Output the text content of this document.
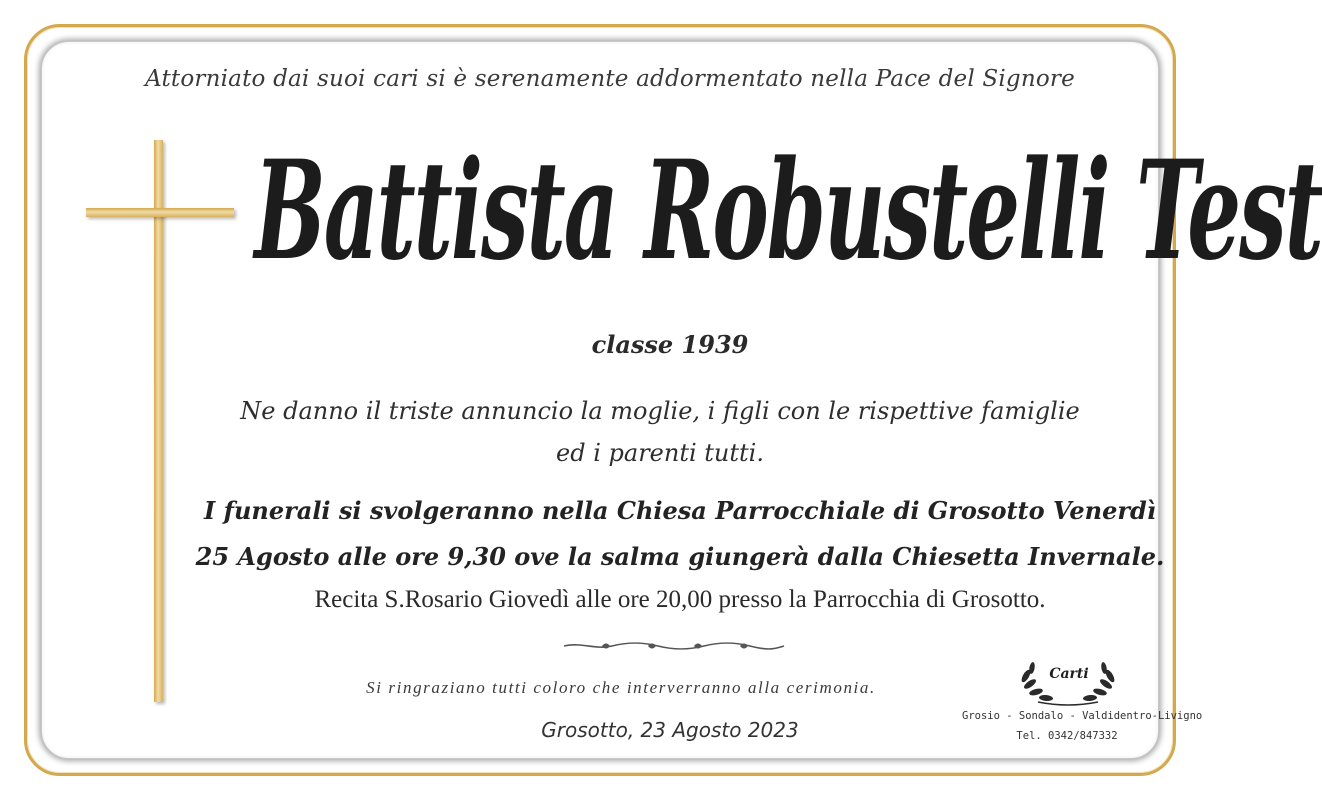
Attorniato dai suoi cari si è serenamente addormentato nella Pace del Signore
Battista Robustelli Test
classe 1939
Ne danno il triste annuncio la moglie, i figli con le rispettive famiglie
ed i parenti tutti.
I funerali si svolgeranno nella Chiesa Parrocchiale di Grosotto Venerdì
25 Agosto alle ore 9,30 ove la salma giungerà dalla Chiesetta Invernale.
Recita S.Rosario Giovedì alle ore 20,00 presso la Parrocchia di Grosotto.
Si ringraziano tutti coloro che interverranno alla cerimonia.
Grosotto, 23 Agosto 2023
Carti
Grosio - Sondalo - Valdidentro-Livigno
Tel. 0342/847332
